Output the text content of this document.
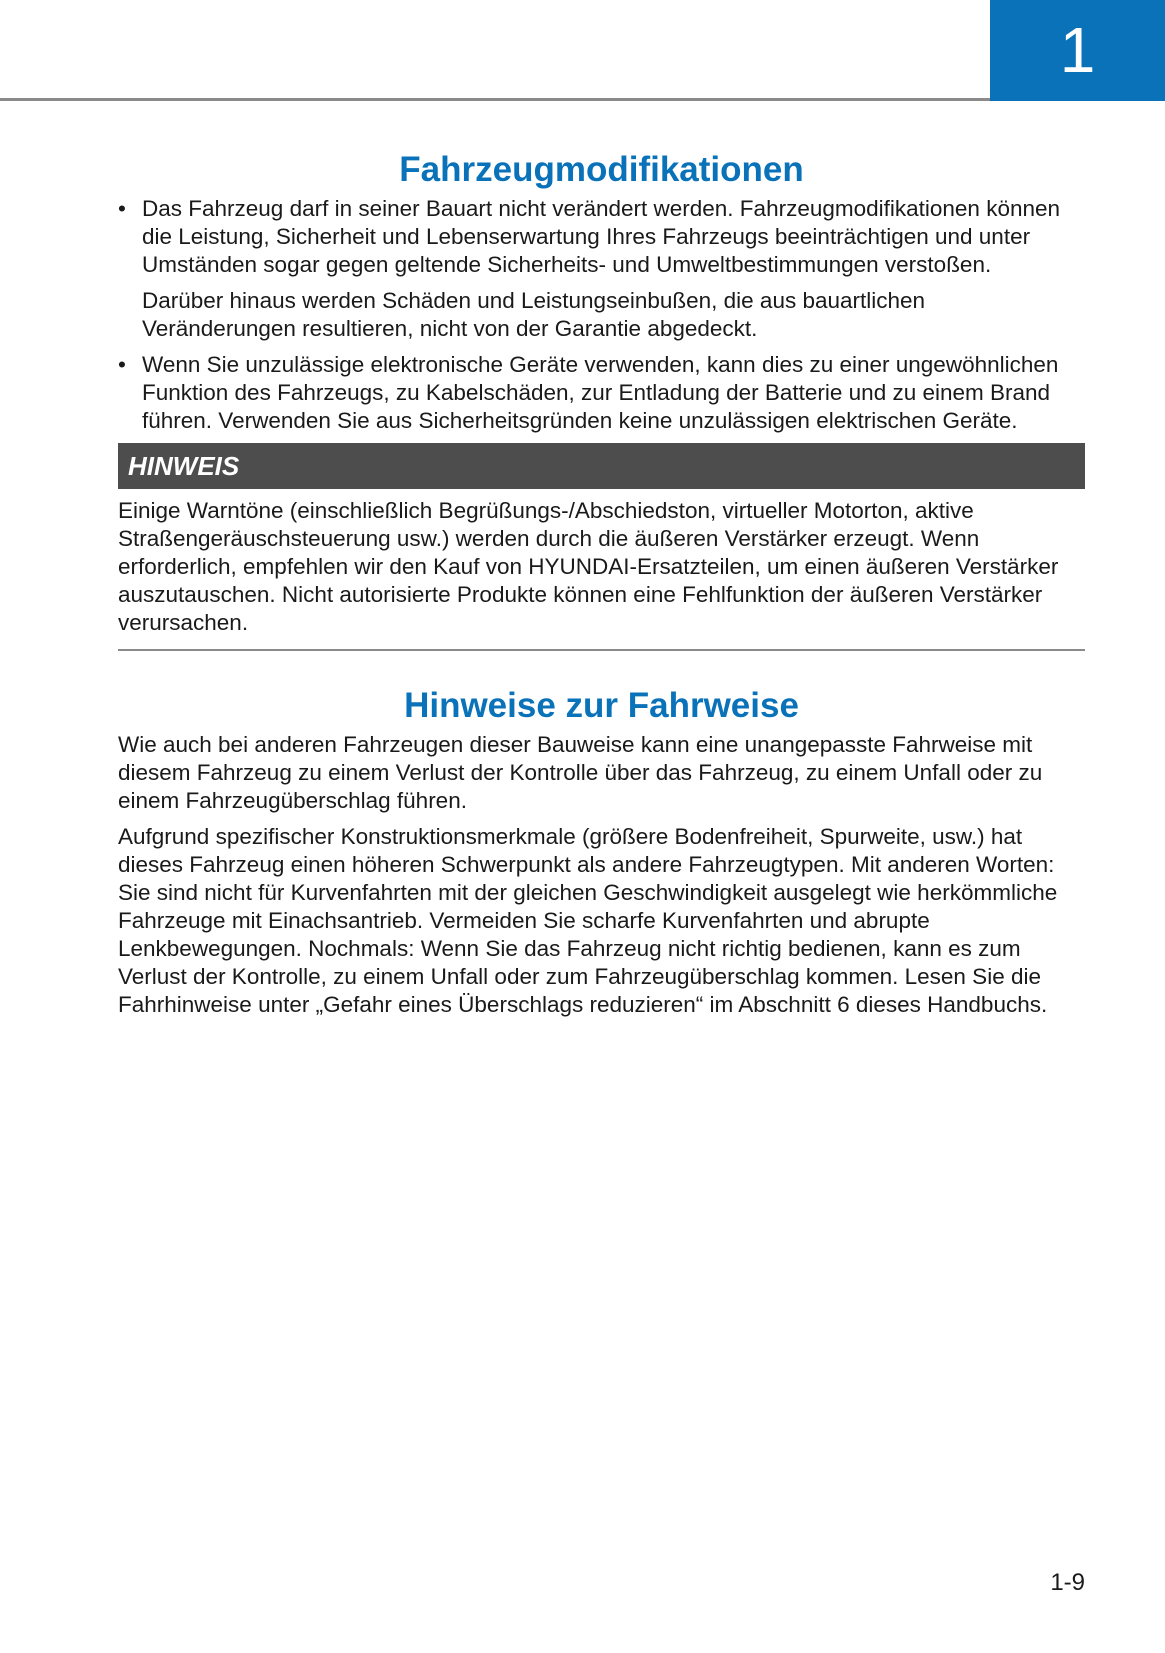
1
Fahrzeugmodifikationen
• Das Fahrzeug darf in seiner Bauart nicht verändert werden. Fahrzeugmodifikationen können die Leistung, Sicherheit und Lebenserwartung Ihres Fahrzeugs beeinträchtigen und unter Umständen sogar gegen geltende Sicherheits- und Umweltbestimmungen verstoßen.

Darüber hinaus werden Schäden und Leistungseinbußen, die aus bauartlichen Veränderungen resultieren, nicht von der Garantie abgedeckt.

• Wenn Sie unzulässige elektronische Geräte verwenden, kann dies zu einer ungewöhnlichen Funktion des Fahrzeugs, zu Kabelschäden, zur Entladung der Batterie und zu einem Brand führen. Verwenden Sie aus Sicherheitsgründen keine unzulässigen elektrischen Geräte.

HINWEIS

Einige Warntöne (einschließlich Begrüßungs-/Abschiedston, virtueller Motorton, aktive Straßengeräuschsteuerung usw.) werden durch die äußeren Verstärker erzeugt. Wenn erforderlich, empfehlen wir den Kauf von HYUNDAI-Ersatzteilen, um einen äußeren Verstärker auszutauschen. Nicht autorisierte Produkte können eine Fehlfunktion der äußeren Verstärker verursachen.

Hinweise zur Fahrweise

Wie auch bei anderen Fahrzeugen dieser Bauweise kann eine unangepasste Fahrweise mit diesem Fahrzeug zu einem Verlust der Kontrolle über das Fahrzeug, zu einem Unfall oder zu einem Fahrzeugüberschlag führen.

Aufgrund spezifischer Konstruktionsmerkmale (größere Bodenfreiheit, Spurweite, usw.) hat dieses Fahrzeug einen höheren Schwerpunkt als andere Fahrzeugtypen. Mit anderen Worten: Sie sind nicht für Kurvenfahrten mit der gleichen Geschwindigkeit ausgelegt wie herkömmliche Fahrzeuge mit Einachsantrieb. Vermeiden Sie scharfe Kurvenfahrten und abrupte Lenkbewegungen. Nochmals: Wenn Sie das Fahrzeug nicht richtig bedienen, kann es zum Verlust der Kontrolle, zu einem Unfall oder zum Fahrzeugüberschlag kommen. Lesen Sie die Fahrhinweise unter „Gefahr eines Überschlags reduzieren“ im Abschnitt 6 dieses Handbuchs.

1-9
